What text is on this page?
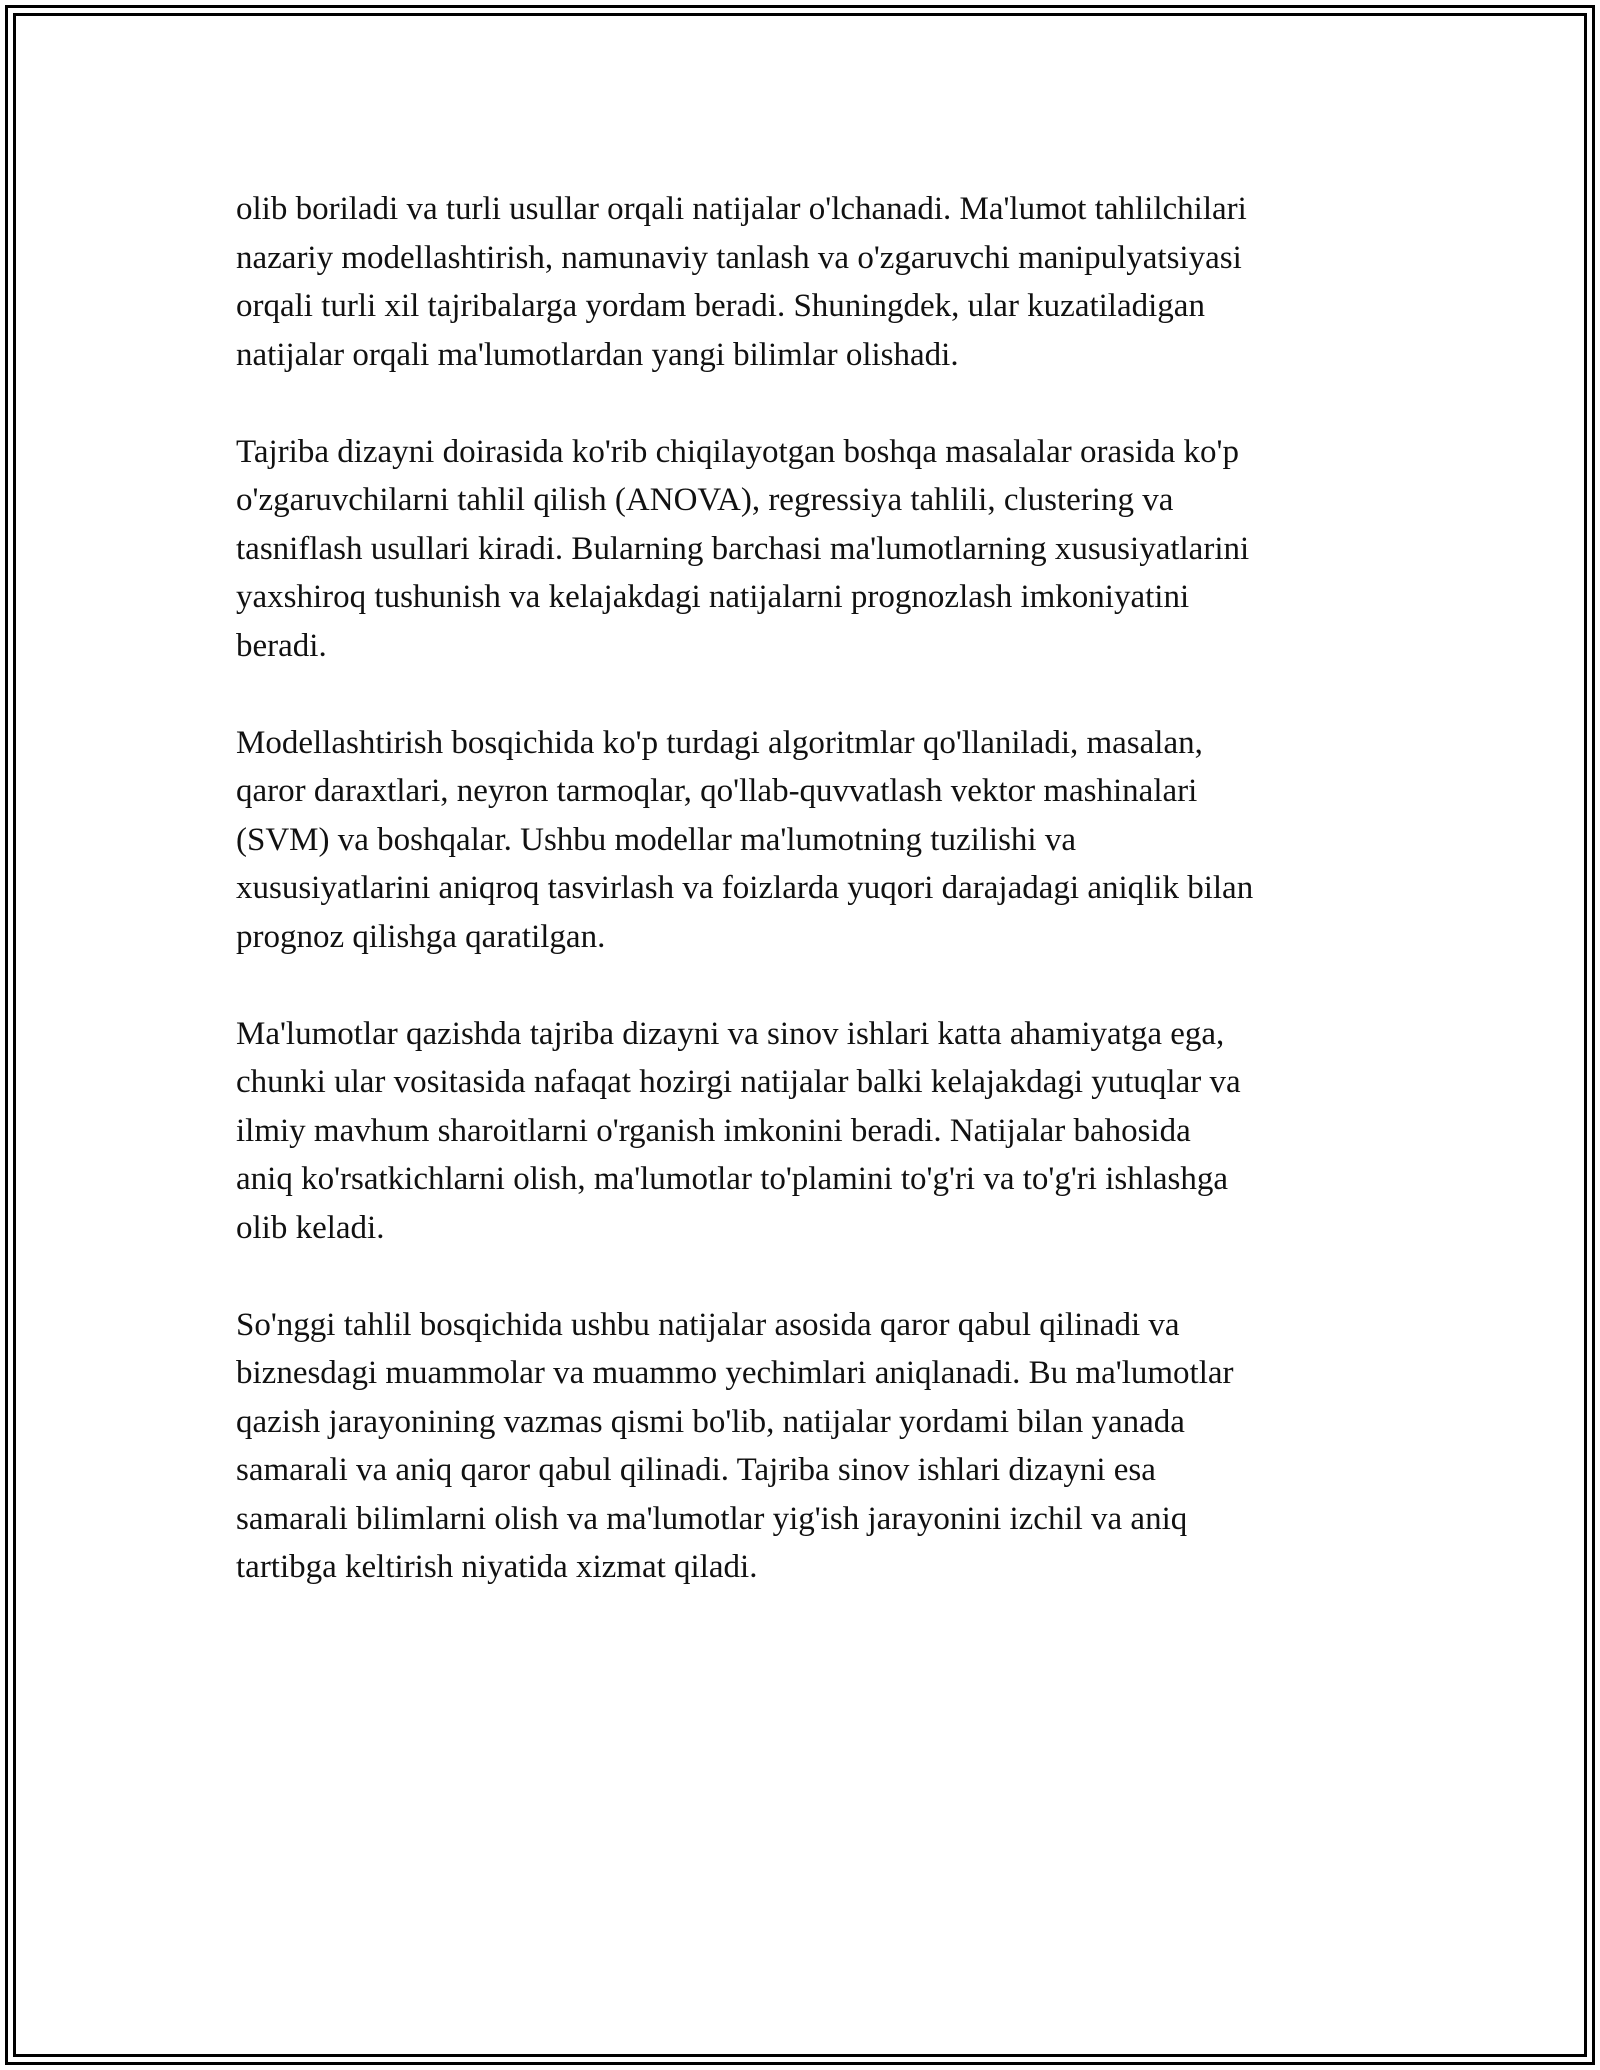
olib boriladi va turli usullar orqali natijalar o'lchanadi. Ma'lumot tahlilchilari
nazariy modellashtirish, namunaviy tanlash va o'zgaruvchi manipulyatsiyasi
orqali turli xil tajribalarga yordam beradi. Shuningdek, ular kuzatiladigan
natijalar orqali ma'lumotlardan yangi bilimlar olishadi.

Tajriba dizayni doirasida ko'rib chiqilayotgan boshqa masalalar orasida ko'p
o'zgaruvchilarni tahlil qilish (ANOVA), regressiya tahlili, clustering va
tasniflash usullari kiradi. Bularning barchasi ma'lumotlarning xususiyatlarini
yaxshiroq tushunish va kelajakdagi natijalarni prognozlash imkoniyatini
beradi.

Modellashtirish bosqichida ko'p turdagi algoritmlar qo'llaniladi, masalan,
qaror daraxtlari, neyron tarmoqlar, qo'llab-quvvatlash vektor mashinalari
(SVM) va boshqalar. Ushbu modellar ma'lumotning tuzilishi va
xususiyatlarini aniqroq tasvirlash va foizlarda yuqori darajadagi aniqlik bilan
prognoz qilishga qaratilgan.

Ma'lumotlar qazishda tajriba dizayni va sinov ishlari katta ahamiyatga ega,
chunki ular vositasida nafaqat hozirgi natijalar balki kelajakdagi yutuqlar va
ilmiy mavhum sharoitlarni o'rganish imkonini beradi. Natijalar bahosida
aniq ko'rsatkichlarni olish, ma'lumotlar to'plamini to'g'ri va to'g'ri ishlashga
olib keladi.

So'nggi tahlil bosqichida ushbu natijalar asosida qaror qabul qilinadi va
biznesdagi muammolar va muammo yechimlari aniqlanadi. Bu ma'lumotlar
qazish jarayonining vazmas qismi bo'lib, natijalar yordami bilan yanada
samarali va aniq qaror qabul qilinadi. Tajriba sinov ishlari dizayni esa
samarali bilimlarni olish va ma'lumotlar yig'ish jarayonini izchil va aniq
tartibga keltirish niyatida xizmat qiladi.
